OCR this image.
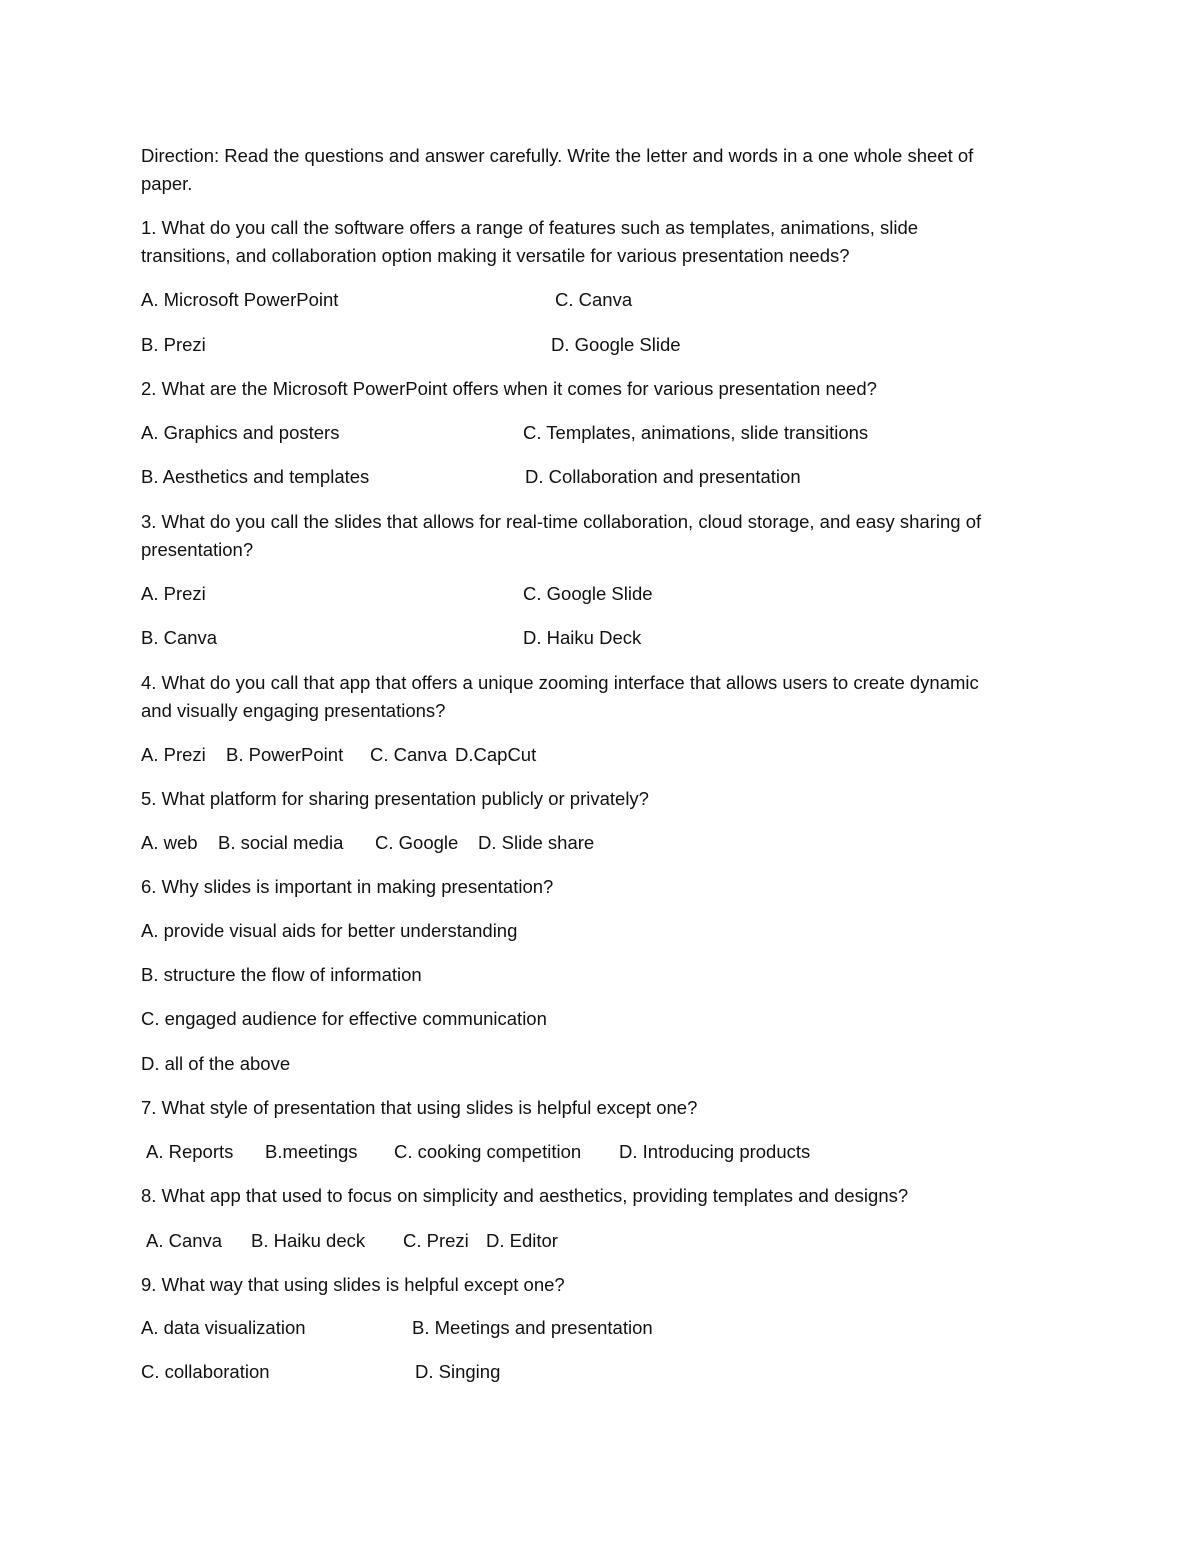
Direction: Read the questions and answer carefully. Write the letter and words in a one whole sheet of
paper.
1. What do you call the software offers a range of features such as templates, animations, slide
transitions, and collaboration option making it versatile for various presentation needs?
A. Microsoft PowerPoint	C. Canva
B. Prezi	D. Google Slide
2. What are the Microsoft PowerPoint offers when it comes for various presentation need?
A. Graphics and posters	C. Templates, animations, slide transitions
B. Aesthetics and templates	D. Collaboration and presentation
3. What do you call the slides that allows for real-time collaboration, cloud storage, and easy sharing of
presentation?
A. Prezi	C. Google Slide
B. Canva	D. Haiku Deck
4. What do you call that app that offers a unique zooming interface that allows users to create dynamic
and visually engaging presentations?
A. Prezi B. PowerPoint C. Canva D.CapCut
5. What platform for sharing presentation publicly or privately?
A. web B. social media C. Google D. Slide share
6. Why slides is important in making presentation?
A. provide visual aids for better understanding
B. structure the flow of information
C. engaged audience for effective communication
D. all of the above
7. What style of presentation that using slides is helpful except one?
A. Reports B.meetings C. cooking competition D. Introducing products
8. What app that used to focus on simplicity and aesthetics, providing templates and designs?
A. Canva B. Haiku deck C. Prezi D. Editor
9. What way that using slides is helpful except one?
A. data visualization	B. Meetings and presentation
C. collaboration	D. Singing
